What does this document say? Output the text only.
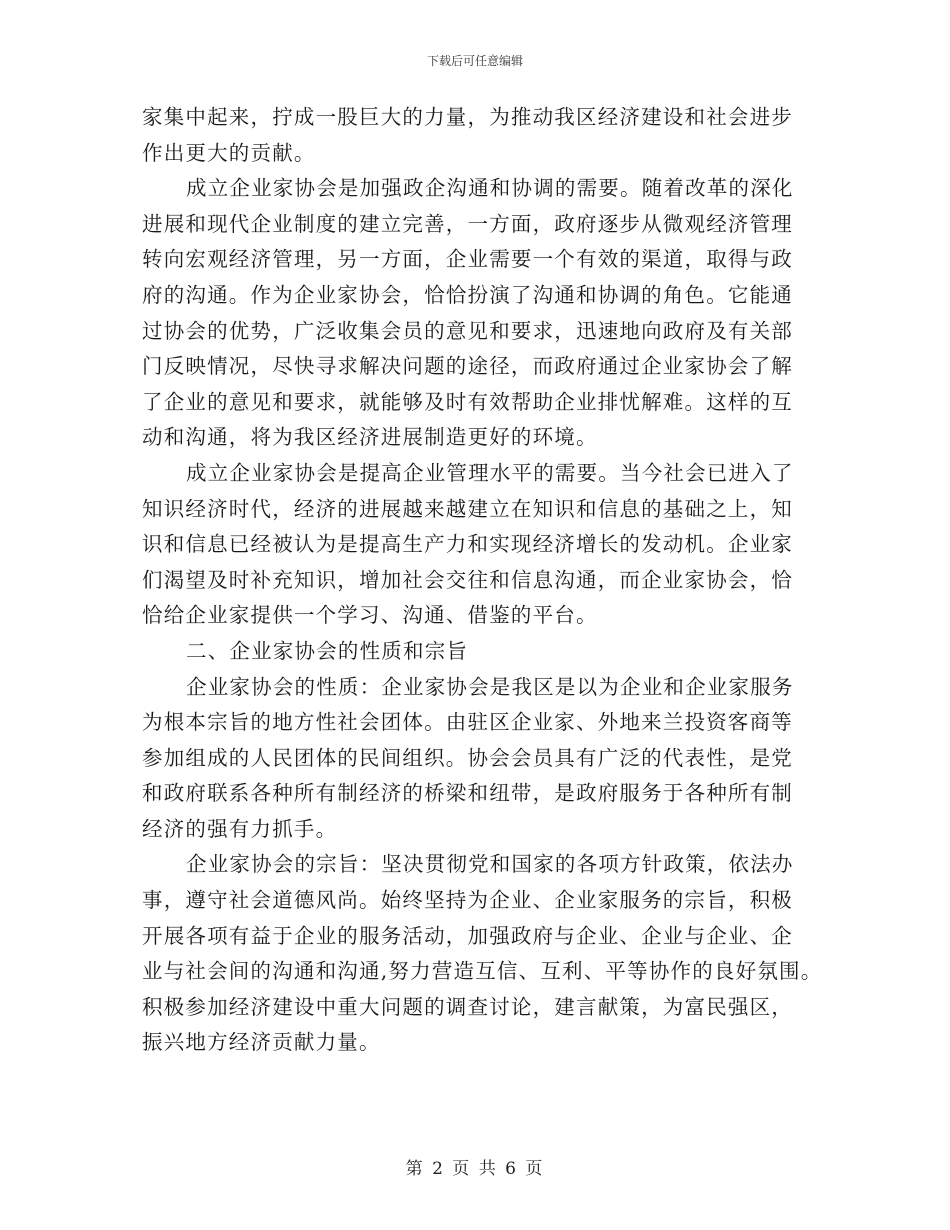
下载后可任意编辑
家集中起来，拧成一股巨大的力量，为推动我区经济建设和社会进步
作出更大的贡献。
成立企业家协会是加强政企沟通和协调的需要。随着改革的深化
进展和现代企业制度的建立完善，一方面，政府逐步从微观经济管理
转向宏观经济管理，另一方面，企业需要一个有效的渠道，取得与政
府的沟通。作为企业家协会，恰恰扮演了沟通和协调的角色。它能通
过协会的优势，广泛收集会员的意见和要求，迅速地向政府及有关部
门反映情况，尽快寻求解决问题的途径，而政府通过企业家协会了解
了企业的意见和要求，就能够及时有效帮助企业排忧解难。这样的互
动和沟通，将为我区经济进展制造更好的环境。
成立企业家协会是提高企业管理水平的需要。当今社会已进入了
知识经济时代，经济的进展越来越建立在知识和信息的基础之上，知
识和信息已经被认为是提高生产力和实现经济增长的发动机。企业家
们渴望及时补充知识，增加社会交往和信息沟通，而企业家协会，恰
恰给企业家提供一个学习、沟通、借鉴的平台。
二、企业家协会的性质和宗旨
企业家协会的性质：企业家协会是我区是以为企业和企业家服务
为根本宗旨的地方性社会团体。由驻区企业家、外地来兰投资客商等
参加组成的人民团体的民间组织。协会会员具有广泛的代表性，是党
和政府联系各种所有制经济的桥梁和纽带，是政府服务于各种所有制
经济的强有力抓手。
企业家协会的宗旨：坚决贯彻党和国家的各项方针政策，依法办
事，遵守社会道德风尚。始终坚持为企业、企业家服务的宗旨，积极
开展各项有益于企业的服务活动，加强政府与企业、企业与企业、企
业与社会间的沟通和沟通,努力营造互信、互利、平等协作的良好氛围。
积极参加经济建设中重大问题的调查讨论，建言献策，为富民强区，
振兴地方经济贡献力量。
第 2 页 共 6 页
